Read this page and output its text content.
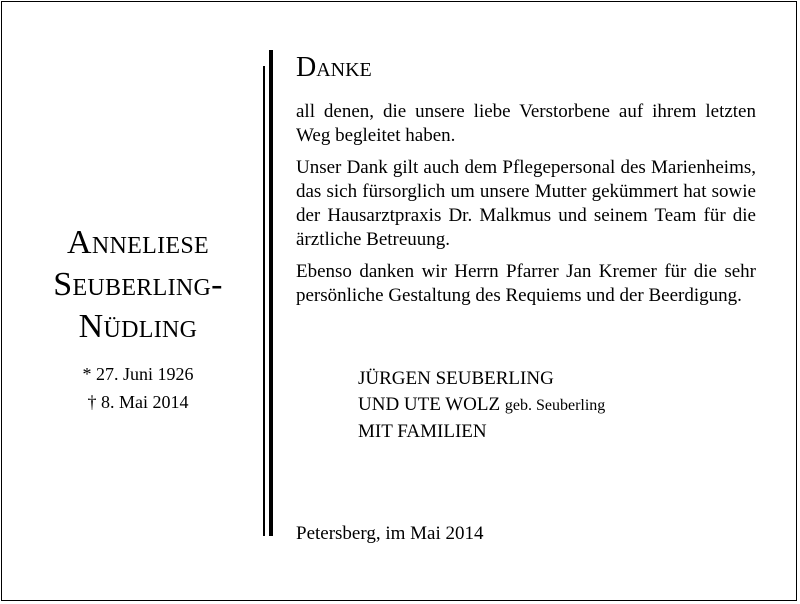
Anneliese
Seuberling-
Nüdling
* 27. Juni 1926
† 8. Mai 2014
Danke

all denen, die unsere liebe Verstorbene auf ihrem letzten Weg begleitet haben.

Unser Dank gilt auch dem Pflegepersonal des Marienheims, das sich fürsorglich um unsere Mutter gekümmert hat sowie der Hausarztpraxis Dr. Malkmus und seinem Team für die ärztliche Betreuung.

Ebenso danken wir Herrn Pfarrer Jan Kremer für die sehr persönliche Gestaltung des Requiems und der Beerdigung.

JÜRGEN SEUBERLING
UND UTE WOLZ geb. Seuberling
MIT FAMILIEN
Petersberg, im Mai 2014
